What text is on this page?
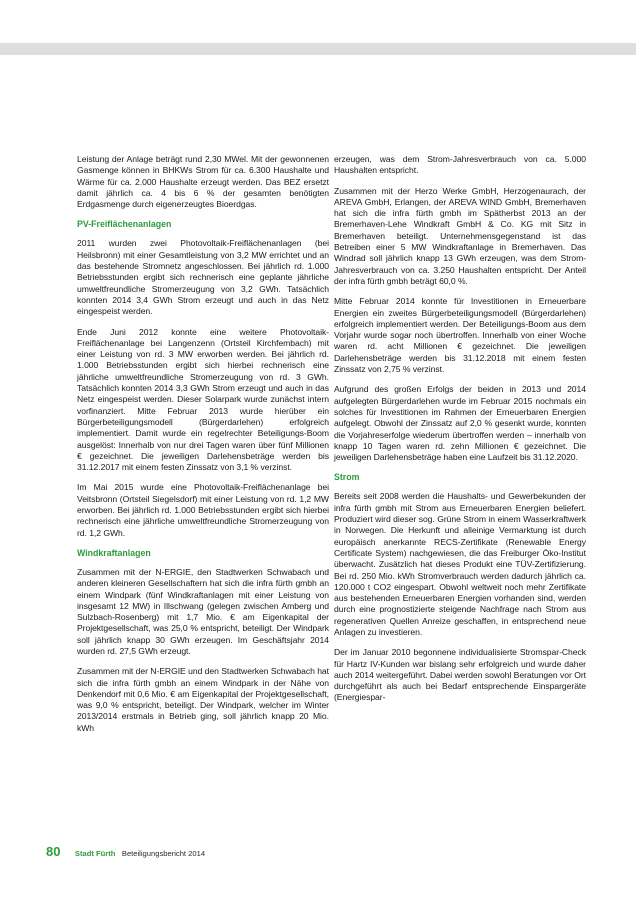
Leistung der Anlage beträgt rund 2,30 MWel. Mit der gewonnenen Gasmenge können in BHKWs Strom für ca. 6.300 Haushalte und Wärme für ca. 2.000 Haushalte erzeugt werden. Das BEZ ersetzt damit jährlich ca. 4 bis 6 % der gesamten benötigten Erdgasmenge durch eigenerzeugtes Bioerdgas.

PV-Freiflächenanlagen

2011 wurden zwei Photovoltaik-Freiflächenanlagen (bei Heilsbronn) mit einer Gesamtleistung von 3,2 MW errichtet und an das bestehende Stromnetz angeschlossen. Bei jährlich rd. 1.000 Betriebsstunden ergibt sich rechnerisch eine geplante jährliche umweltfreundliche Stromerzeugung von 3,2 GWh. Tatsächlich konnten 2014 3,4 GWh Strom erzeugt und auch in das Netz eingespeist werden.

Ende Juni 2012 konnte eine weitere Photovoltaik-Freiflächenanlage bei Langenzenn (Ortsteil Kirchfembach) mit einer Leistung von rd. 3 MW erworben werden. Bei jährlich rd. 1.000 Betriebsstunden ergibt sich hierbei rechnerisch eine jährliche umweltfreundliche Stromerzeugung von rd. 3 GWh. Tatsächlich konnten 2014 3,3 GWh Strom erzeugt und auch in das Netz eingespeist werden. Dieser Solarpark wurde zunächst intern vorfinanziert. Mitte Februar 2013 wurde hierüber ein Bürgerbeteiligungsmodell (Bürgerdarlehen) erfolgreich implementiert. Damit wurde ein regelrechter Beteiligungs-Boom ausgelöst: Innerhalb von nur drei Tagen waren über fünf Millionen € gezeichnet. Die jeweiligen Darlehensbeträge werden bis 31.12.2017 mit einem festen Zinssatz von 3,1 % verzinst.

Im Mai 2015 wurde eine Photovoltaik-Freiflächenanlage bei Veitsbronn (Ortsteil Siegelsdorf) mit einer Leistung von rd. 1,2 MW erworben. Bei jährlich rd. 1.000 Betriebsstunden ergibt sich hierbei rechnerisch eine jährliche umweltfreundliche Stromerzeugung von rd. 1,2 GWh.

Windkraftanlagen

Zusammen mit der N-ERGIE, den Stadtwerken Schwabach und anderen kleineren Gesellschaftern hat sich die infra fürth gmbh an einem Windpark (fünf Windkraftanlagen mit einer Leistung von insgesamt 12 MW) in Illschwang (gelegen zwischen Amberg und Sulzbach-Rosenberg) mit 1,7 Mio. € am Eigenkapital der Projektgesellschaft, was 25,0 % entspricht, beteiligt. Der Windpark soll jährlich knapp 30 GWh erzeugen. Im Geschäftsjahr 2014 wurden rd. 27,5 GWh erzeugt.

Zusammen mit der N-ERGIE und den Stadtwerken Schwabach hat sich die infra fürth gmbh an einem Windpark in der Nähe von Denkendorf mit 0,6 Mio. € am Eigenkapital der Projektgesellschaft, was 9,0 % entspricht, beteiligt. Der Windpark, welcher im Winter 2013/2014 erstmals in Betrieb ging, soll jährlich knapp 20 Mio. kWh

erzeugen, was dem Strom-Jahresverbrauch von ca. 5.000 Haushalten entspricht.

Zusammen mit der Herzo Werke GmbH, Herzogenaurach, der AREVA GmbH, Erlangen, der AREVA WIND GmbH, Bremerhaven hat sich die infra fürth gmbh im Spätherbst 2013 an der Bremerhaven-Lehe Windkraft GmbH & Co. KG mit Sitz in Bremerhaven beteiligt. Unternehmensgegenstand ist das Betreiben einer 5 MW Windkraftanlage in Bremerhaven. Das Windrad soll jährlich knapp 13 GWh erzeugen, was dem Strom-Jahresverbrauch von ca. 3.250 Haushalten entspricht. Der Anteil der infra fürth gmbh beträgt 60,0 %.

Mitte Februar 2014 konnte für Investitionen in Erneuerbare Energien ein zweites Bürgerbeteiligungsmodell (Bürgerdarlehen) erfolgreich implementiert werden. Der Beteiligungs-Boom aus dem Vorjahr wurde sogar noch übertroffen. Innerhalb von einer Woche waren rd. acht Millionen € gezeichnet. Die jeweiligen Darlehensbeträge werden bis 31.12.2018 mit einem festen Zinssatz von 2,75 % verzinst.

Aufgrund des großen Erfolgs der beiden in 2013 und 2014 aufgelegten Bürgerdarlehen wurde im Februar 2015 nochmals ein solches für Investitionen im Rahmen der Erneuerbaren Energien aufgelegt. Obwohl der Zinssatz auf 2,0 % gesenkt wurde, konnten die Vorjahreserfolge wiederum übertroffen werden – innerhalb von knapp 10 Tagen waren rd. zehn Millionen € gezeichnet. Die jeweiligen Darlehensbeträge haben eine Laufzeit bis 31.12.2020.

Strom

Bereits seit 2008 werden die Haushalts- und Gewerbekunden der infra fürth gmbh mit Strom aus Erneuerbaren Energien beliefert. Produziert wird dieser sog. Grüne Strom in einem Wasserkraftwerk in Norwegen. Die Herkunft und alleinige Vermarktung ist durch europäisch anerkannte RECS-Zertifikate (Renewable Energy Certificate System) nachgewiesen, die das Freiburger Öko-Institut überwacht. Zusätzlich hat dieses Produkt eine TÜV-Zertifizierung. Bei rd. 250 Mio. kWh Stromverbrauch werden dadurch jährlich ca. 120.000 t CO2 eingespart. Obwohl weltweit noch mehr Zertifikate aus bestehenden Erneuerbaren Energien vorhanden sind, werden durch eine prognostizierte steigende Nachfrage nach Strom aus regenerativen Quellen Anreize geschaffen, in entsprechend neue Anlagen zu investieren.

Der im Januar 2010 begonnene individualisierte Stromspar-Check für Hartz IV-Kunden war bislang sehr erfolgreich und wurde daher auch 2014 weitergeführt. Dabei werden sowohl Beratungen vor Ort durchgeführt als auch bei Bedarf entsprechende Einspargeräte (Energiespar-

80 Stadt Fürth Beteiligungsbericht 2014
